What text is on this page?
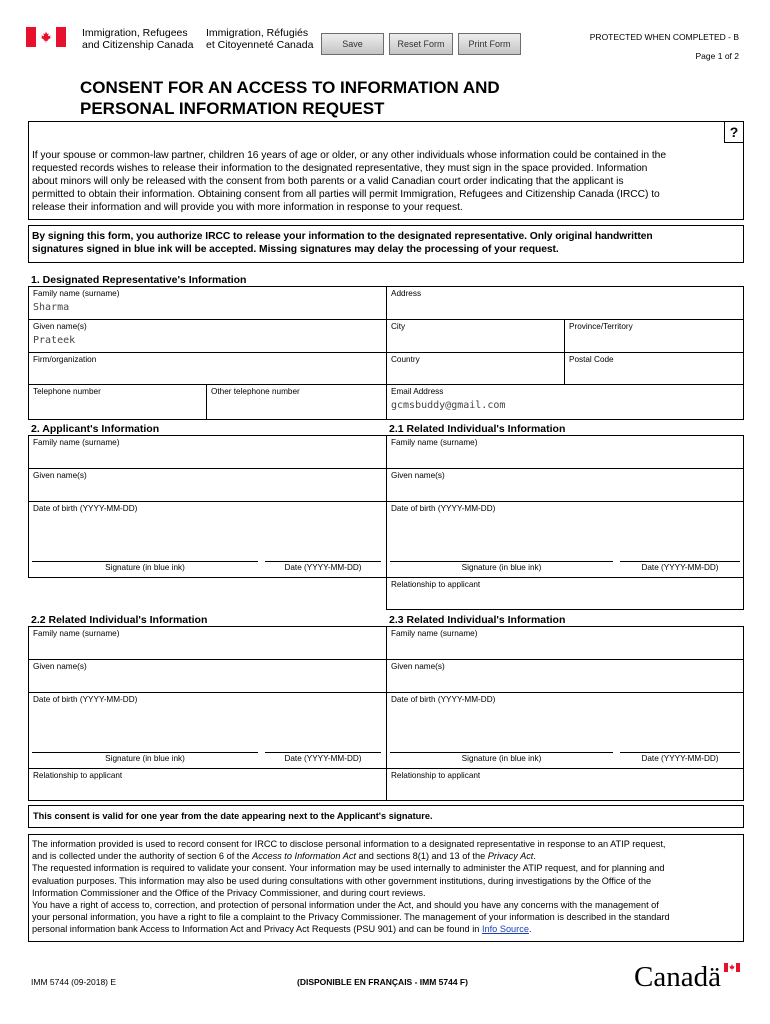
Immigration, Refugees
and Citizenship Canada
Immigration, Réfugiés
et Citoyenneté Canada	Save	Reset Form	Print Form
PROTECTED WHEN COMPLETED - B
Page 1 of 2
CONSENT FOR AN ACCESS TO INFORMATION AND
PERSONAL INFORMATION REQUEST
?
If your spouse or common-law partner, children 16 years of age or older, or any other individuals whose information could be contained in the
requested records wishes to release their information to the designated representative, they must sign in the space provided. Information
about minors will only be released with the consent from both parents or a valid Canadian court order indicating that the applicant is
permitted to obtain their information. Obtaining consent from all parties will permit Immigration, Refugees and Citizenship Canada (IRCC) to
release their information and will provide you with more information in response to your request.
By signing this form, you authorize IRCC to release your information to the designated representative. Only original handwritten
signatures signed in blue ink will be accepted. Missing signatures may delay the processing of your request.
1. Designated Representative's Information
Family name (surname)
Sharma
Address
Given name(s)
Prateek
City	Province/Territory
Firm/organization	Country	Postal Code
Telephone number	Other telephone number	Email Address
gcmsbuddy@gmail.com
2. Applicant's Information	2.1 Related Individual's Information
Family name (surname)
Given name(s)
Date of birth (YYYY-MM-DD)
Signature (in blue ink)	Date (YYYY-MM-DD)
Family name (surname)
Given name(s)
Date of birth (YYYY-MM-DD)
Signature (in blue ink)	Date (YYYY-MM-DD)
Relationship to applicant
2.2 Related Individual's Information	2.3 Related Individual's Information
Family name (surname)
Given name(s)
Date of birth (YYYY-MM-DD)
Signature (in blue ink)	Date (YYYY-MM-DD)
Relationship to applicant
Family name (surname)
Given name(s)
Date of birth (YYYY-MM-DD)
Signature (in blue ink)	Date (YYYY-MM-DD)
Relationship to applicant
This consent is valid for one year from the date appearing next to the Applicant's signature.
The information provided is used to record consent for IRCC to disclose personal information to a designated representative in response to an ATIP request,
and is collected under the authority of section 6 of the Access to Information Act and sections 8(1) and 13 of the Privacy Act.
The requested information is required to validate your consent. Your information may be used internally to administer the ATIP request, and for planning and
evaluation purposes. This information may also be used during consultations with other government institutions, during investigations by the Office of the
Information Commissioner and the Office of the Privacy Commissioner, and during court reviews.
You have a right of access to, correction, and protection of personal information under the Act, and should you have any concerns with the management of
your personal information, you have a right to file a complaint to the Privacy Commissioner. The management of your information is described in the standard
personal information bank Access to Information Act and Privacy Act Requests (PSU 901) and can be found in Info Source.
IMM 5744 (09-2018) E	(DISPONIBLE EN FRANÇAIS - IMM 5744 F)	Canadä
